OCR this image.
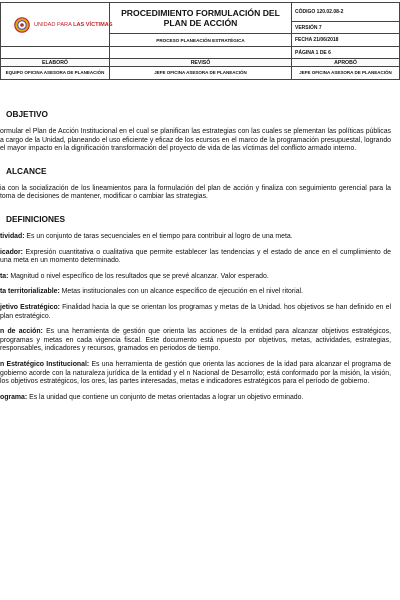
UNIDAD PARA LAS VÍCTIMAS	PROCEDIMIENTO FORMULACIÓN DEL PLAN DE ACCIÓN	CÓDIGO 120.02.08-2
		VERSIÓN 7
	PROCESO PLANEACIÓN ESTRATÉGICA	FECHA 21/06/2018
		PÁGINA 1 DE 6
ELABORÓ	REVISÓ	APROBÓ
EQUIPO OFICINA ASESORA DE PLANEACIÓN	JEFE OFICINA ASESORA DE PLANEACIÓN	JEFE OFICINA ASESORA DE PLANEACIÓN
OBJETIVO

ormular el Plan de Acción Institucional en el cual se planifican las estrategias con las cuales se plementan las políticas públicas a cargo de la Unidad, planeando el uso eficiente y eficaz de los ecursos en el marco de la programación presupuestal, logrando el mayor impacto en la dignificación transformación del proyecto de vida de las víctimas del conflicto armado interno.

ALCANCE

ia con la socialización de los lineamientos para la formulación del plan de acción y finaliza con seguimiento gerencial para la toma de decisiones de mantener, modificar o cambiar las strategias.

DEFINICIONES

tividad: Es un conjunto de taras secuenciales en el tiempo para contribuir al logro de una meta.

icador: Expresión cuantitativa o cualitativa que permite establecer las tendencias y el estado de ance en el cumplimiento de una meta en un momento determinado.

ta: Magnitud o nivel específico de los resultados que se prevé alcanzar. Valor esperado.

ta territorializable: Metas institucionales con un alcance específico de ejecución en el nivel ritorial.

jetivo Estratégico: Finalidad hacia la que se orientan los programas y metas de la Unidad. hos objetivos se han definido en el plan estratégico.

n de acción: Es una herramienta de gestión que orienta las acciones de la entidad para alcanzar objetivos estratégicos, programas y metas en cada vigencia fiscal. Este documento está npuesto por objetivos, metas, actividades, estrategias, responsables, indicadores y recursos, gramados en periodos de tiempo.

n Estratégico Institucional: Es una herramienta de gestión que orienta las acciones de la idad para alcanzar el programa de gobierno acorde con la naturaleza jurídica de la entidad y el n Nacional de Desarrollo; está conformado por la misión, la visión, los objetivos estratégicos, los ores, las partes interesadas, metas e indicadores estratégicos para el período de gobierno.

ograma: Es la unidad que contiene un conjunto de metas orientadas a lograr un objetivo erminado.
